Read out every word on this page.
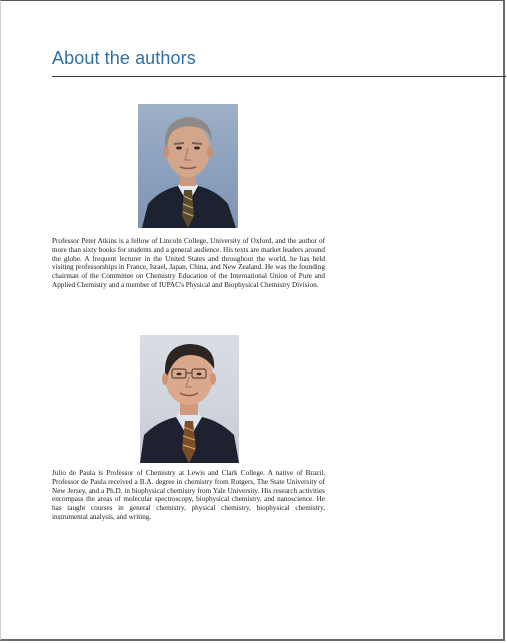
About the authors

Professor Peter Atkins is a fellow of Lincoln College, University of Oxford, and the author of more than sixty books for students and a general audience. His texts are market leaders around the globe. A frequent lecturer in the United States and throughout the world, he has held visiting professorships in France, Israel, Japan, China, and New Zealand. He was the founding chairman of the Committee on Chemistry Education of the International Union of Pure and Applied Chemistry and a member of IUPAC's Physical and Biophysical Chemistry Division.

Julio de Paula is Professor of Chemistry at Lewis and Clark College. A native of Brazil, Professor de Paula received a B.A. degree in chemistry from Rutgers, The State University of New Jersey, and a Ph.D. in biophysical chemistry from Yale University. His research activities encompass the areas of molecular spectroscopy, biophysical chemistry, and nanoscience. He has taught courses in general chemistry, physical chemistry, biophysical chemistry, instrumental analysis, and writing.
